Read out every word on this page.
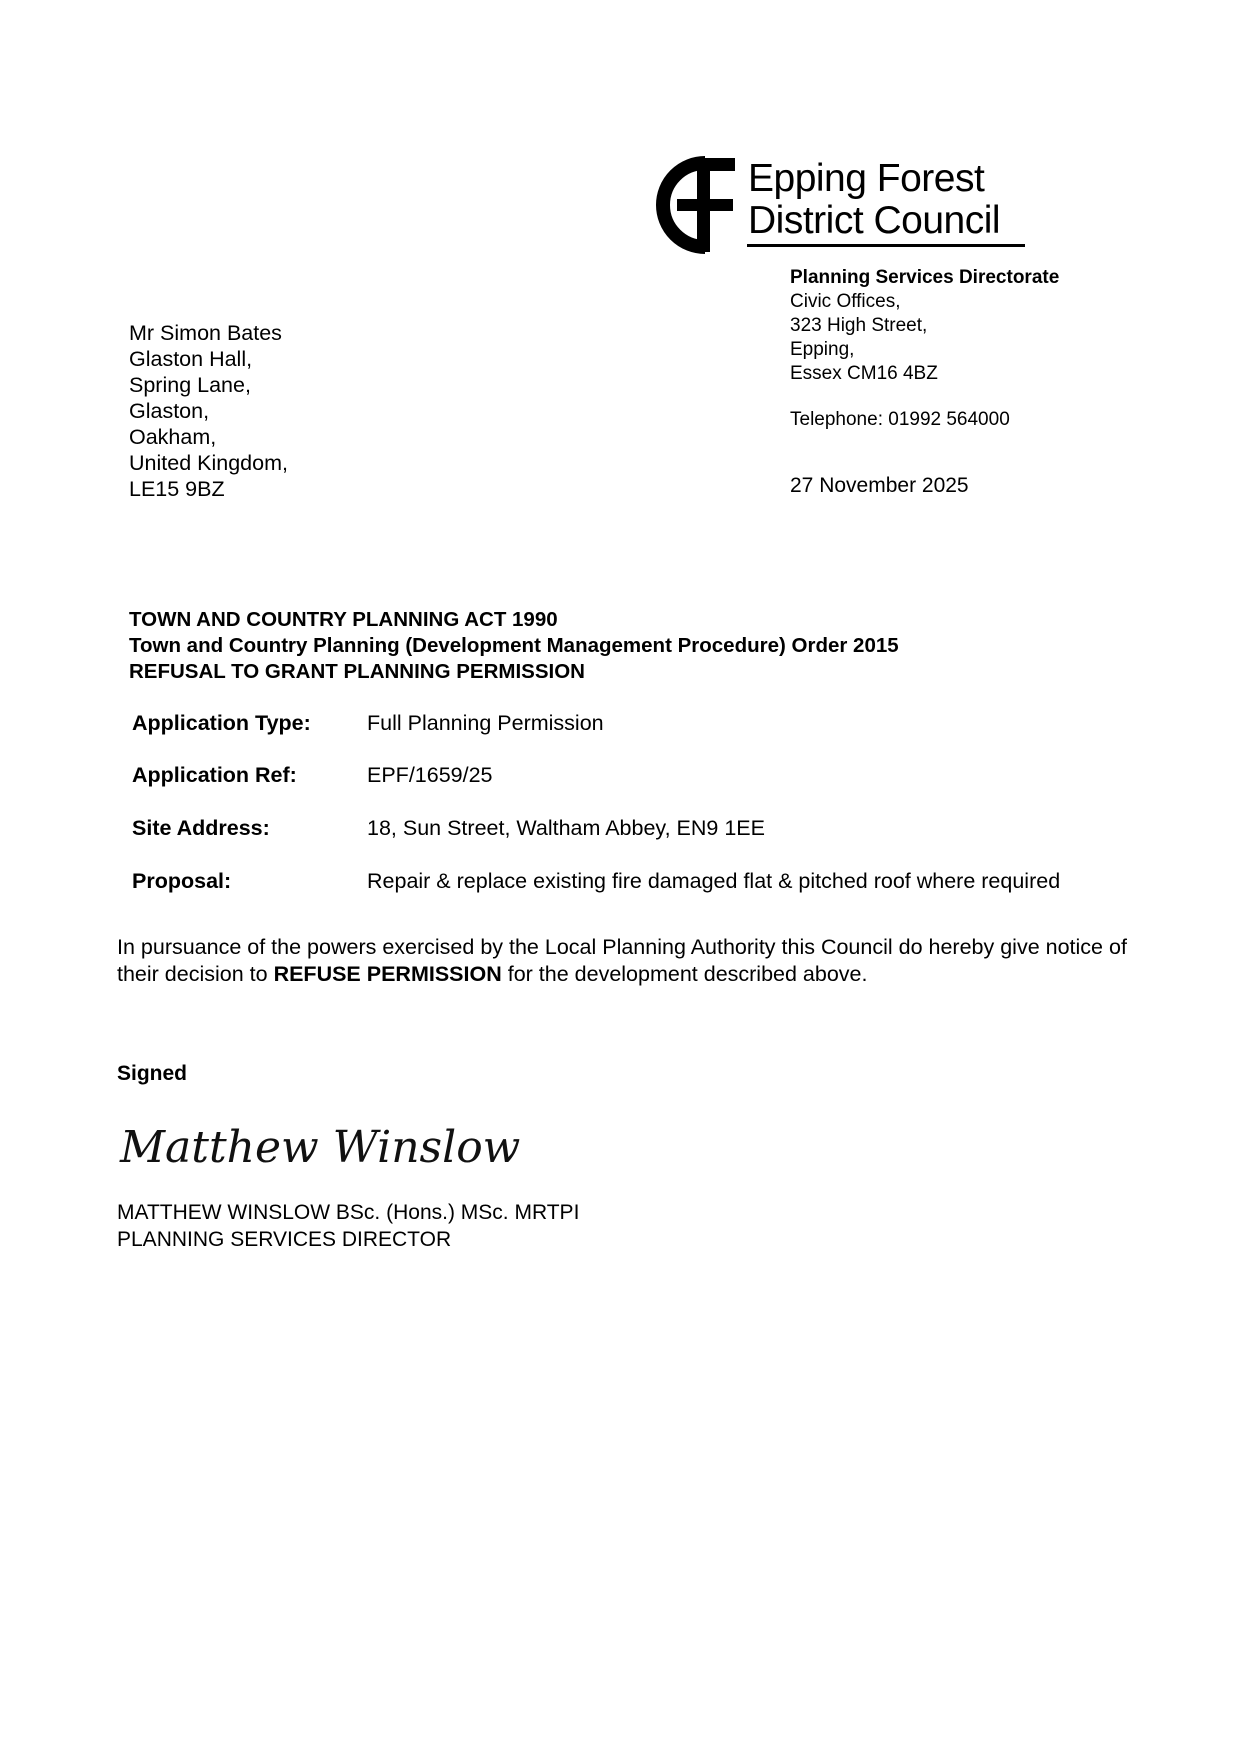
Epping Forest
District Council
Planning Services Directorate
Civic Offices,
323 High Street,
Epping,
Essex CM16 4BZ
Telephone: 01992 564000
27 November 2025
Mr Simon Bates
Glaston Hall,
Spring Lane,
Glaston,
Oakham,
United Kingdom,
LE15 9BZ
TOWN AND COUNTRY PLANNING ACT 1990
Town and Country Planning (Development Management Procedure) Order 2015
REFUSAL TO GRANT PLANNING PERMISSION
Application Type:	Full Planning Permission
Application Ref:	EPF/1659/25
Site Address:	18, Sun Street, Waltham Abbey, EN9 1EE
Proposal:	Repair & replace existing fire damaged flat & pitched roof where required
In pursuance of the powers exercised by the Local Planning Authority this Council do hereby give notice of their decision to REFUSE PERMISSION for the development described above.
Signed
Matthew Winslow
MATTHEW WINSLOW BSc. (Hons.) MSc. MRTPI
PLANNING SERVICES DIRECTOR
